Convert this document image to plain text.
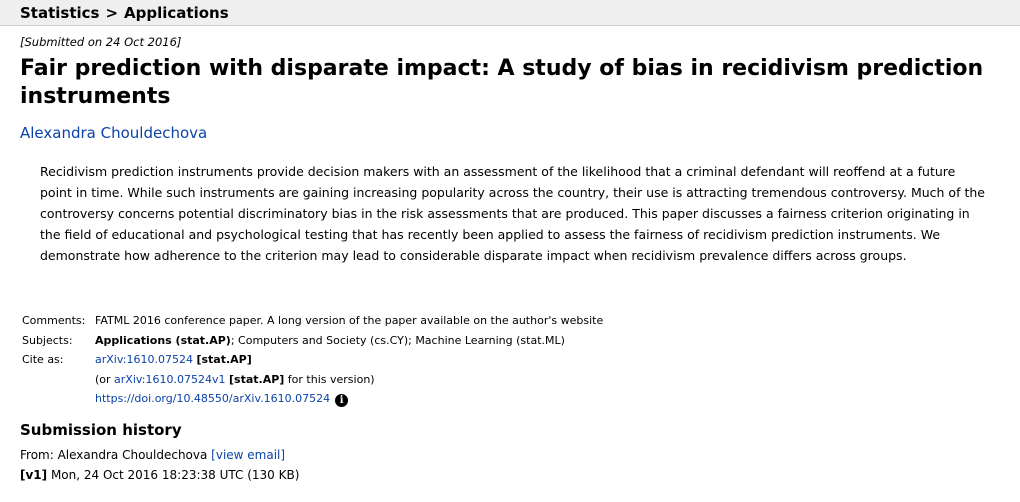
Statistics > Applications
[Submitted on 24 Oct 2016]
Fair prediction with disparate impact: A study of bias in recidivism prediction instruments
Alexandra Chouldechova
Recidivism prediction instruments provide decision makers with an assessment of the likelihood that a criminal defendant will reoffend at a future point in time. While such instruments are gaining increasing popularity across the country, their use is attracting tremendous controversy. Much of the controversy concerns potential discriminatory bias in the risk assessments that are produced. This paper discusses a fairness criterion originating in the field of educational and psychological testing that has recently been applied to assess the fairness of recidivism prediction instruments. We demonstrate how adherence to the criterion may lead to considerable disparate impact when recidivism prevalence differs across groups.
Comments:	FATML 2016 conference paper. A long version of the paper available on the author's website
Subjects:	Applications (stat.AP); Computers and Society (cs.CY); Machine Learning (stat.ML)
Cite as:	arXiv:1610.07524 [stat.AP]
	(or arXiv:1610.07524v1 [stat.AP] for this version)
	https://doi.org/10.48550/arXiv.1610.07524 i
Submission history
From: Alexandra Chouldechova [view email]
[v1] Mon, 24 Oct 2016 18:23:38 UTC (130 KB)
